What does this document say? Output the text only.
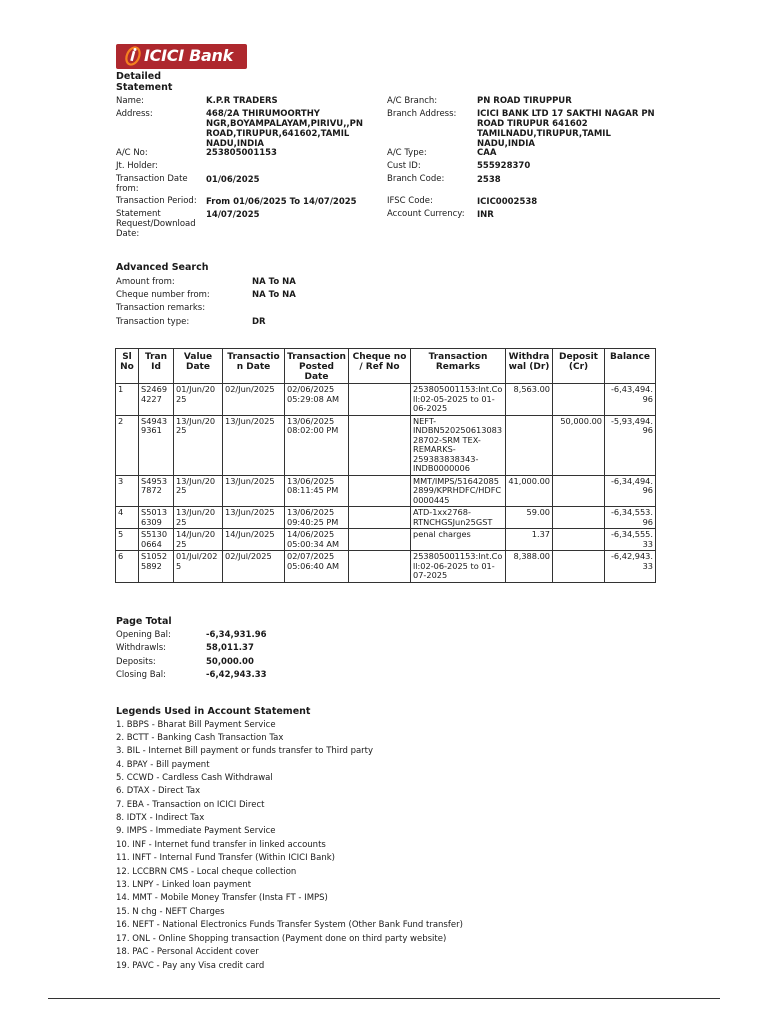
ICICI Bank
Detailed
Statement
Name:	K.P.R TRADERS
Address:	468/2A THIRUMOORTHY
NGR,BOYAMPALAYAM,PIRIVU,,PN
ROAD,TIRUPUR,641602,TAMIL
NADU,INDIA
A/C No:	253805001153
Jt. Holder:
Transaction Date
from:
01/06/2025
Transaction Period: From 01/06/2025 To 14/07/2025
Statement
Request/Download
Date:
14/07/2025
A/C Branch:	PN ROAD TIRUPPUR
Branch Address: ICICI BANK LTD 17 SAKTHI NAGAR PN
ROAD TIRUPUR 641602
TAMILNADU,TIRUPUR,TAMIL
NADU,INDIA
A/C Type:	CAA
Cust ID:	555928370
Branch Code:	2538
IFSC Code:	ICIC0002538
Account Currency: INR
Advanced Search
Amount from:	NA To NA
Cheque number from:	NA To NA
Transaction remarks:
Transaction type:	DR
Sl No	Tran Id	Value Date	Transaction Date	Transaction Posted Date	Cheque no / Ref No	Transaction Remarks	Withdrawal (Dr)	Deposit (Cr)	Balance
1	S24694227	01/Jun/2025	02/Jun/2025	02/06/2025 05:29:08 AM		253805001153:Int.Coll:02-05-2025 to 01-06-2025	8,563.00		-6,43,494.96
2	S49439361	13/Jun/2025	13/Jun/2025	13/06/2025 08:02:00 PM		NEFT-INDBN52025061308328702-SRM TEX-REMARKS-259383838343-INDB0000006		50,000.00	-5,93,494.96
3	S49537872	13/Jun/2025	13/Jun/2025	13/06/2025 08:11:45 PM		MMT/IMPS/516420852899/KPRHDFC/HDFC0000445	41,000.00		-6,34,494.96
4	S50136309	13/Jun/2025	13/Jun/2025	13/06/2025 09:40:25 PM		ATD-1xx2768-RTNCHGSJun25GST	59.00		-6,34,553.96
5	S51300664	14/Jun/2025	14/Jun/2025	14/06/2025 05:00:34 AM		penal charges	1.37		-6,34,555.33
6	S10525892	01/Jul/2025	02/Jul/2025	02/07/2025 05:06:40 AM		253805001153:Int.Coll:02-06-2025 to 01-07-2025	8,388.00		-6,42,943.33
Page Total
Opening Bal:	-6,34,931.96
Withdrawls:	58,011.37
Deposits:	50,000.00
Closing Bal:	-6,42,943.33
Legends Used in Account Statement
1. BBPS - Bharat Bill Payment Service
2. BCTT - Banking Cash Transaction Tax
3. BIL - Internet Bill payment or funds transfer to Third party
4. BPAY - Bill payment
5. CCWD - Cardless Cash Withdrawal
6. DTAX - Direct Tax
7. EBA - Transaction on ICICI Direct
8. IDTX - Indirect Tax
9. IMPS - Immediate Payment Service
10. INF - Internet fund transfer in linked accounts
11. INFT - Internal Fund Transfer (Within ICICI Bank)
12. LCCBRN CMS - Local cheque collection
13. LNPY - Linked loan payment
14. MMT - Mobile Money Transfer (Insta FT - IMPS)
15. N chg - NEFT Charges
16. NEFT - National Electronics Funds Transfer System (Other Bank Fund transfer)
17. ONL - Online Shopping transaction (Payment done on third party website)
18. PAC - Personal Accident cover
19. PAVC - Pay any Visa credit card
